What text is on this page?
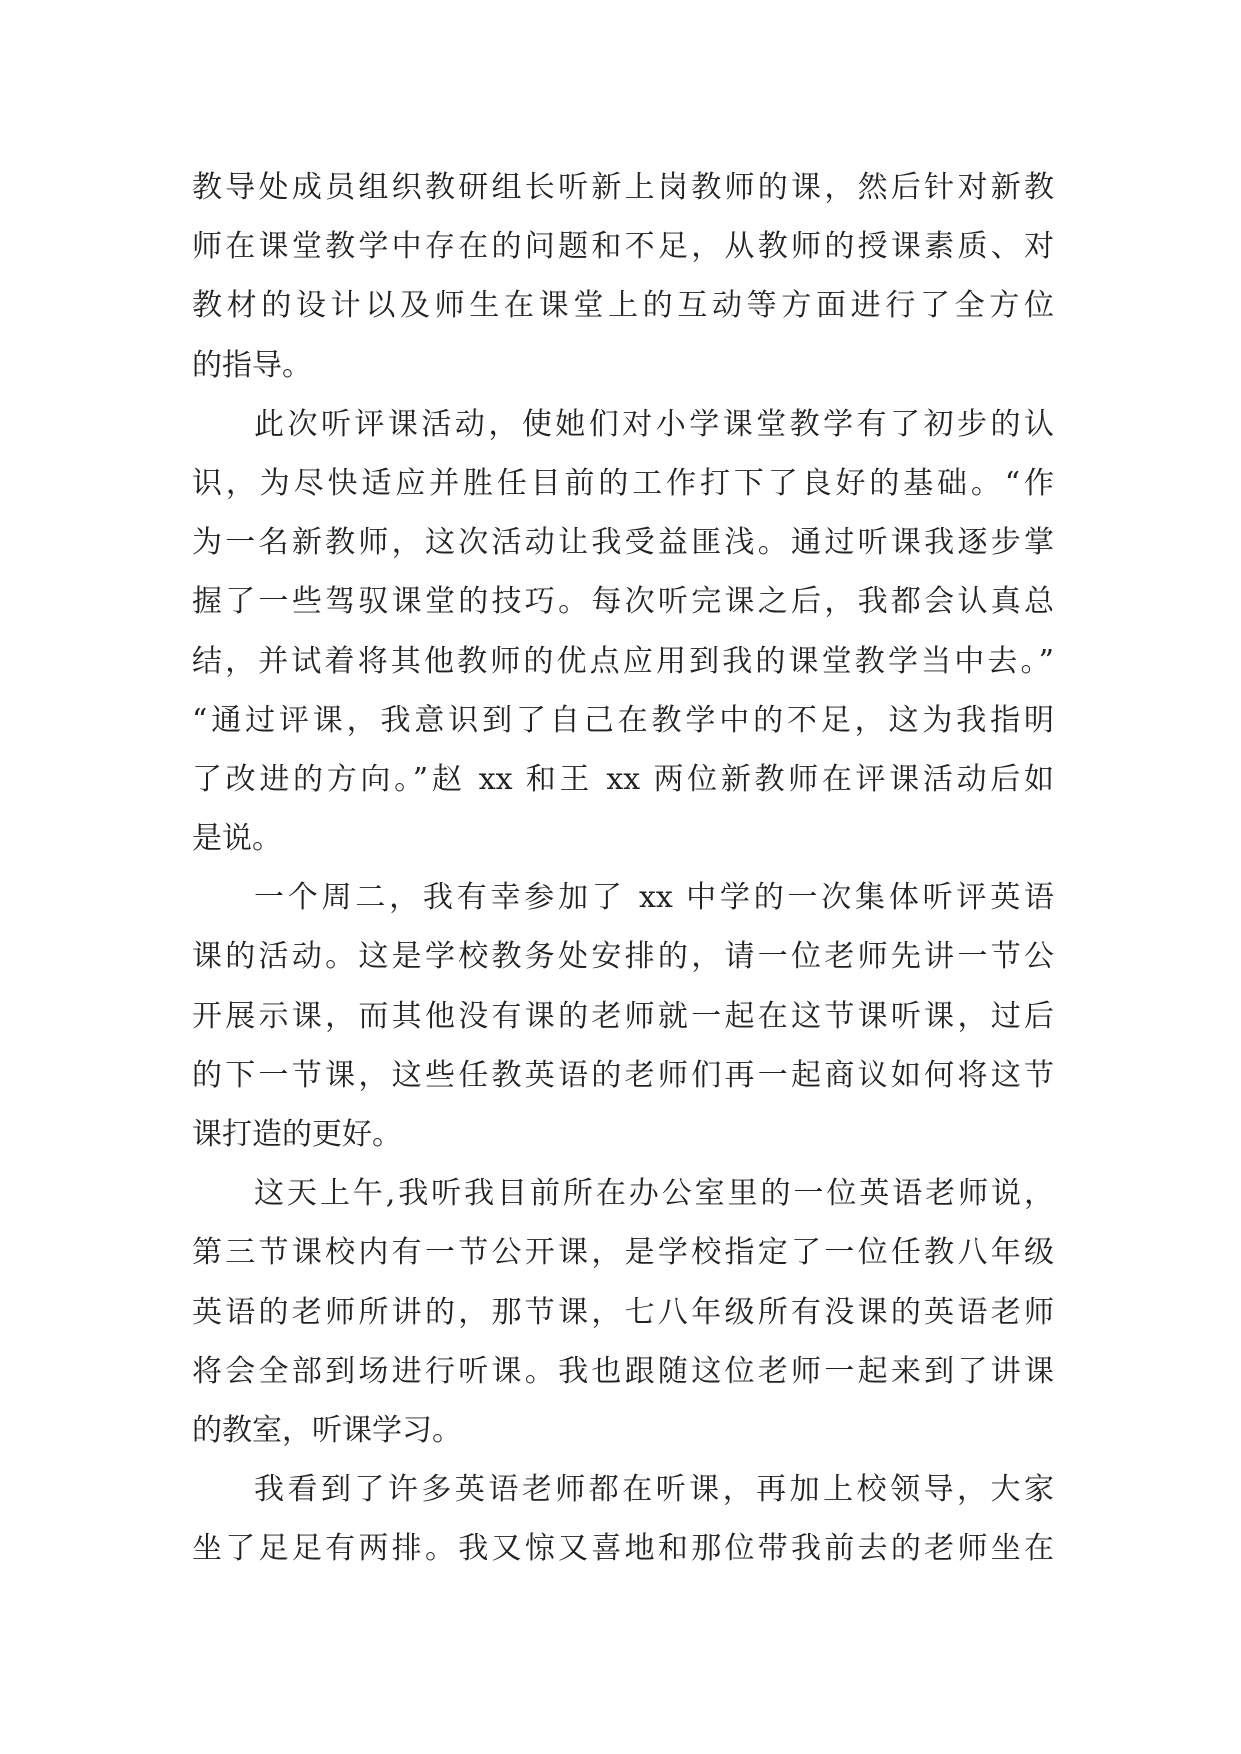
教导处成员组织教研组长听新上岗教师的课，然后针对新教
师在课堂教学中存在的问题和不足，从教师的授课素质、对
教材的设计以及师生在课堂上的互动等方面进行了全方位
的指导。
此次听评课活动，使她们对小学课堂教学有了初步的认
识，为尽快适应并胜任目前的工作打下了良好的基础。“作
为一名新教师，这次活动让我受益匪浅。通过听课我逐步掌
握了一些驾驭课堂的技巧。每次听完课之后，我都会认真总
结，并试着将其他教师的优点应用到我的课堂教学当中去。”
“通过评课，我意识到了自己在教学中的不足，这为我指明
了改进的方向。”赵 xx 和王 xx 两位新教师在评课活动后如
是说。
一个周二，我有幸参加了 xx 中学的一次集体听评英语
课的活动。这是学校教务处安排的，请一位老师先讲一节公
开展示课，而其他没有课的老师就一起在这节课听课，过后
的下一节课，这些任教英语的老师们再一起商议如何将这节
课打造的更好。
这天上午,我听我目前所在办公室里的一位英语老师说，
第三节课校内有一节公开课，是学校指定了一位任教八年级
英语的老师所讲的，那节课，七八年级所有没课的英语老师
将会全部到场进行听课。我也跟随这位老师一起来到了讲课
的教室，听课学习。
我看到了许多英语老师都在听课，再加上校领导，大家
坐了足足有两排。我又惊又喜地和那位带我前去的老师坐在
